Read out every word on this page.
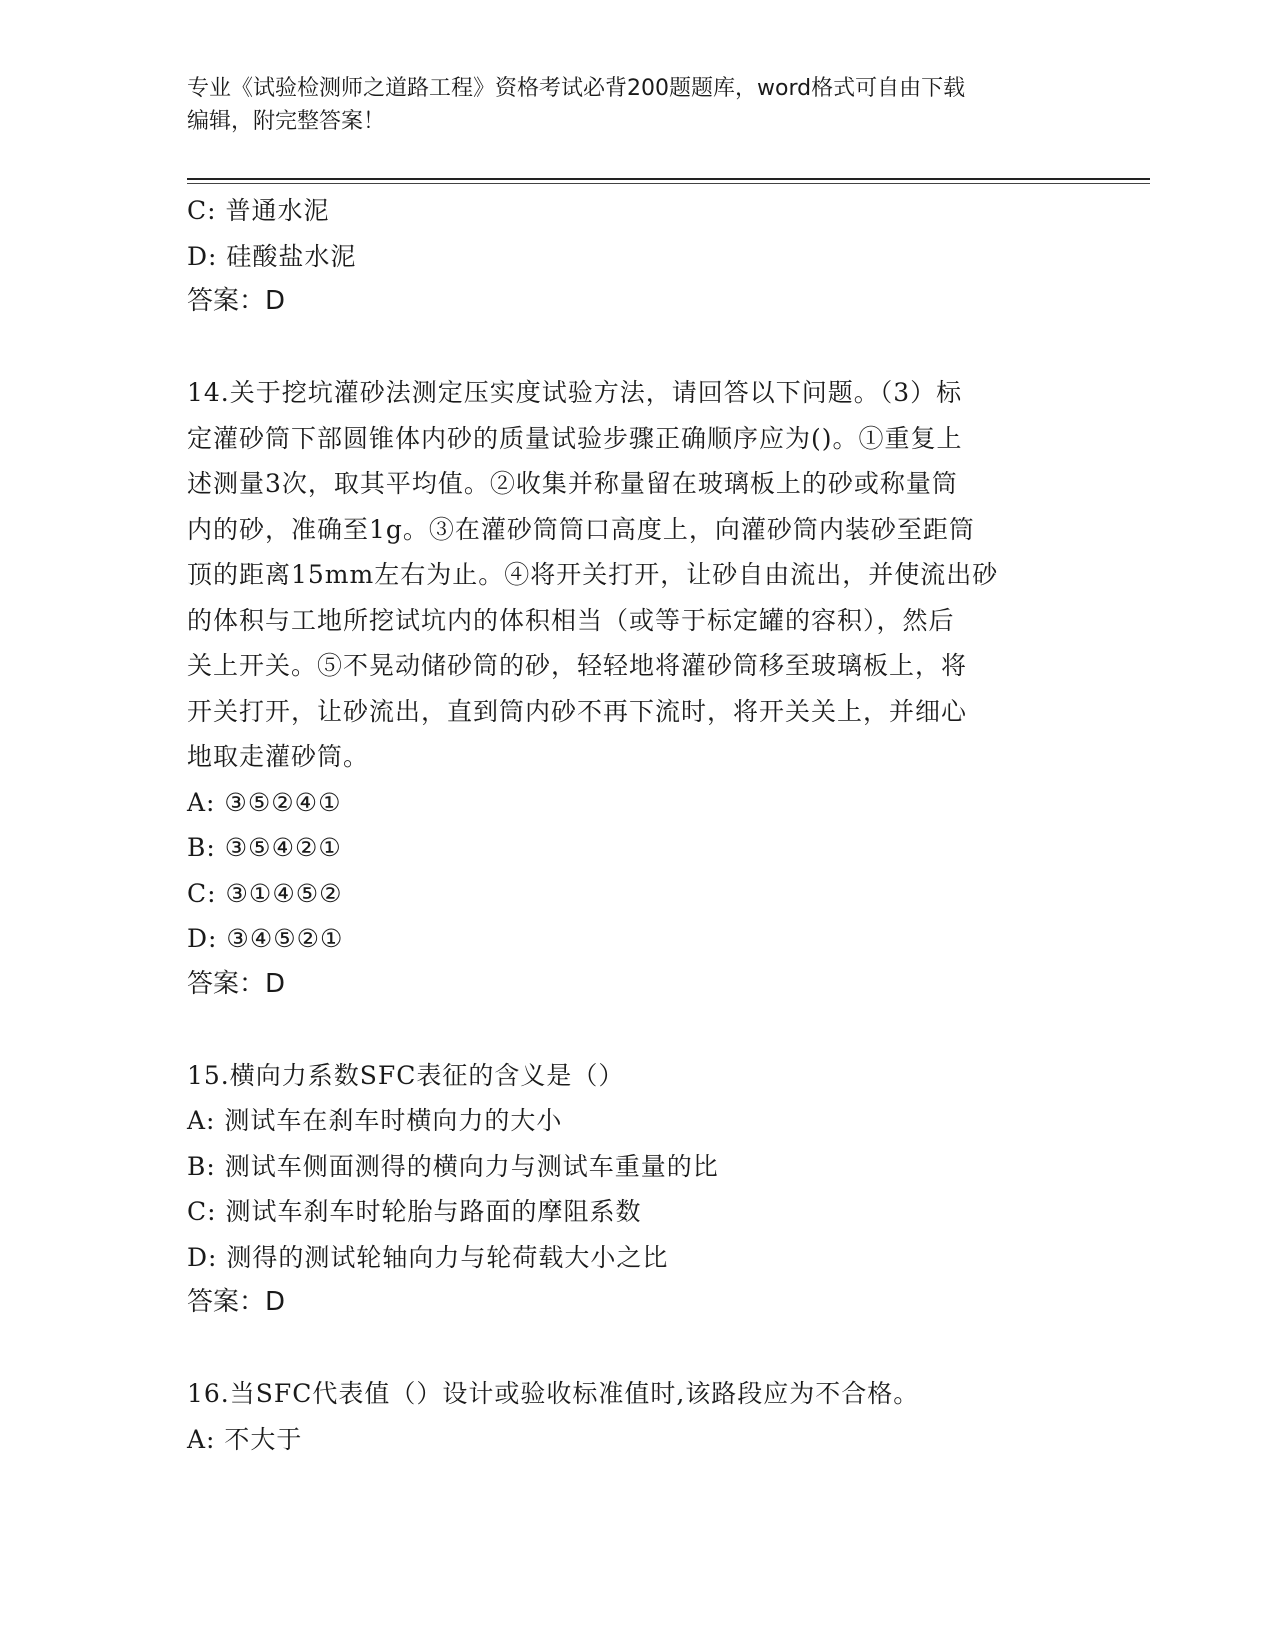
专业《试验检测师之道路工程》资格考试必背200题题库，word格式可自由下载
编辑，附完整答案！
C: 普通水泥
D: 硅酸盐水泥
答案：D
14.关于挖坑灌砂法测定压实度试验方法，请回答以下问题。（3）标
定灌砂筒下部圆锥体内砂的质量试验步骤正确顺序应为()。①重复上
述测量3次，取其平均值。②收集并称量留在玻璃板上的砂或称量筒
内的砂，准确至1g。③在灌砂筒筒口高度上，向灌砂筒内装砂至距筒
顶的距离15mm左右为止。④将开关打开，让砂自由流出，并使流出砂
的体积与工地所挖试坑内的体积相当（或等于标定罐的容积），然后
关上开关。⑤不晃动储砂筒的砂，轻轻地将灌砂筒移至玻璃板上，将
开关打开，让砂流出，直到筒内砂不再下流时，将开关关上，并细心
地取走灌砂筒。
A: ③⑤②④①
B: ③⑤④②①
C: ③①④⑤②
D: ③④⑤②①
答案：D
15.横向力系数SFC表征的含义是（）
A: 测试车在刹车时横向力的大小
B: 测试车侧面测得的横向力与测试车重量的比
C: 测试车刹车时轮胎与路面的摩阻系数
D: 测得的测试轮轴向力与轮荷载大小之比
答案：D
16.当SFC代表值（）设计或验收标准值时,该路段应为不合格。
A: 不大于
